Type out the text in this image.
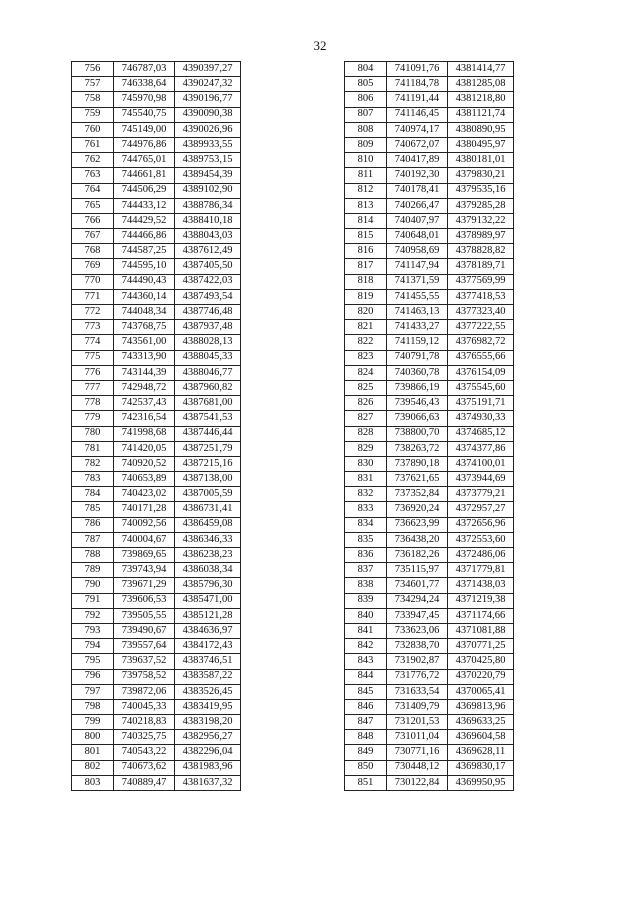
32
756	746787,03	4390397,27
757	746338,64	4390247,32
758	745970,98	4390196,77
759	745540,75	4390090,38
760	745149,00	4390026,96
761	744976,86	4389933,55
762	744765,01	4389753,15
763	744661,81	4389454,39
764	744506,29	4389102,90
765	744433,12	4388786,34
766	744429,52	4388410,18
767	744466,86	4388043,03
768	744587,25	4387612,49
769	744595,10	4387405,50
770	744490,43	4387422,03
771	744360,14	4387493,54
772	744048,34	4387746,48
773	743768,75	4387937,48
774	743561,00	4388028,13
775	743313,90	4388045,33
776	743144,39	4388046,77
777	742948,72	4387960,82
778	742537,43	4387681,00
779	742316,54	4387541,53
780	741998,68	4387446,44
781	741420,05	4387251,79
782	740920,52	4387215,16
783	740653,89	4387138,00
784	740423,02	4387005,59
785	740171,28	4386731,41
786	740092,56	4386459,08
787	740004,67	4386346,33
788	739869,65	4386238,23
789	739743,94	4386038,34
790	739671,29	4385796,30
791	739606,53	4385471,00
792	739505,55	4385121,28
793	739490,67	4384636,97
794	739557,64	4384172,43
795	739637,52	4383746,51
796	739758,52	4383587,22
797	739872,06	4383526,45
798	740045,33	4383419,95
799	740218,83	4383198,20
800	740325,75	4382956,27
801	740543,22	4382296,04
802	740673,62	4381983,96
803	740889,47	4381637,32
804	741091,76	4381414,77
805	741184,78	4381285,08
806	741191,44	4381218,80
807	741146,45	4381121,74
808	740974,17	4380890,95
809	740672,07	4380495,97
810	740417,89	4380181,01
811	740192,30	4379830,21
812	740178,41	4379535,16
813	740266,47	4379285,28
814	740407,97	4379132,22
815	740648,01	4378989,97
816	740958,69	4378828,82
817	741147,94	4378189,71
818	741371,59	4377569,99
819	741455,55	4377418,53
820	741463,13	4377323,40
821	741433,27	4377222,55
822	741159,12	4376982,72
823	740791,78	4376555,66
824	740360,78	4376154,09
825	739866,19	4375545,60
826	739546,43	4375191,71
827	739066,63	4374930,33
828	738800,70	4374685,12
829	738263,72	4374377,86
830	737890,18	4374100,01
831	737621,65	4373944,69
832	737352,84	4373779,21
833	736920,24	4372957,27
834	736623,99	4372656,96
835	736438,20	4372553,60
836	736182,26	4372486,06
837	735115,97	4371779,81
838	734601,77	4371438,03
839	734294,24	4371219,38
840	733947,45	4371174,66
841	733623,06	4371081,88
842	732838,70	4370771,25
843	731902,87	4370425,80
844	731776,72	4370220,79
845	731633,54	4370065,41
846	731409,79	4369813,96
847	731201,53	4369633,25
848	731011,04	4369604,58
849	730771,16	4369628,11
850	730448,12	4369830,17
851	730122,84	4369950,95
